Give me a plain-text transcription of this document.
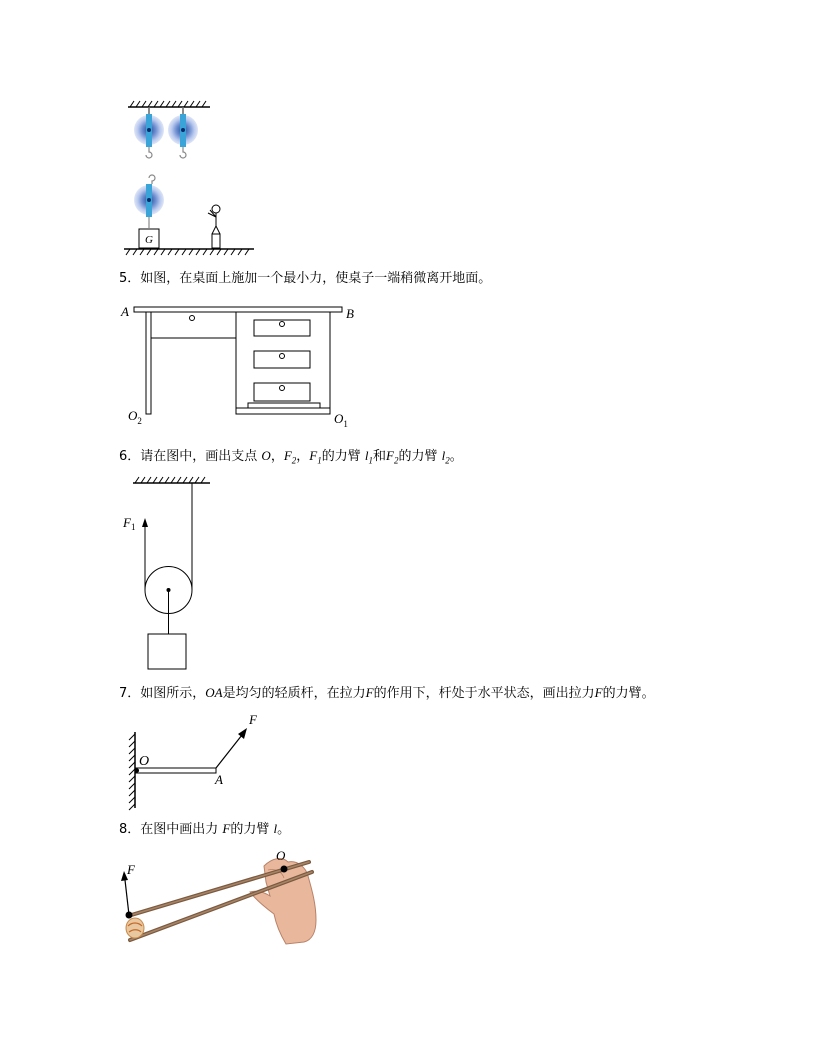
G
5．如图，在桌面上施加一个最小力，使桌子一端稍微离开地面。
A	B
$O_2$	$O_1$
6．请在图中，画出支点 O，$F_2$，$F_1$的力臂 $l_1$和$F_2$的力臂 $l_2$。
$F_1$
7．如图所示，OA是均匀的轻质杆，在拉力F的作用下，杆处于水平状态，画出拉力F的力臂。
O
A
F
8．在图中画出力 F的力臂 l。
F
O
